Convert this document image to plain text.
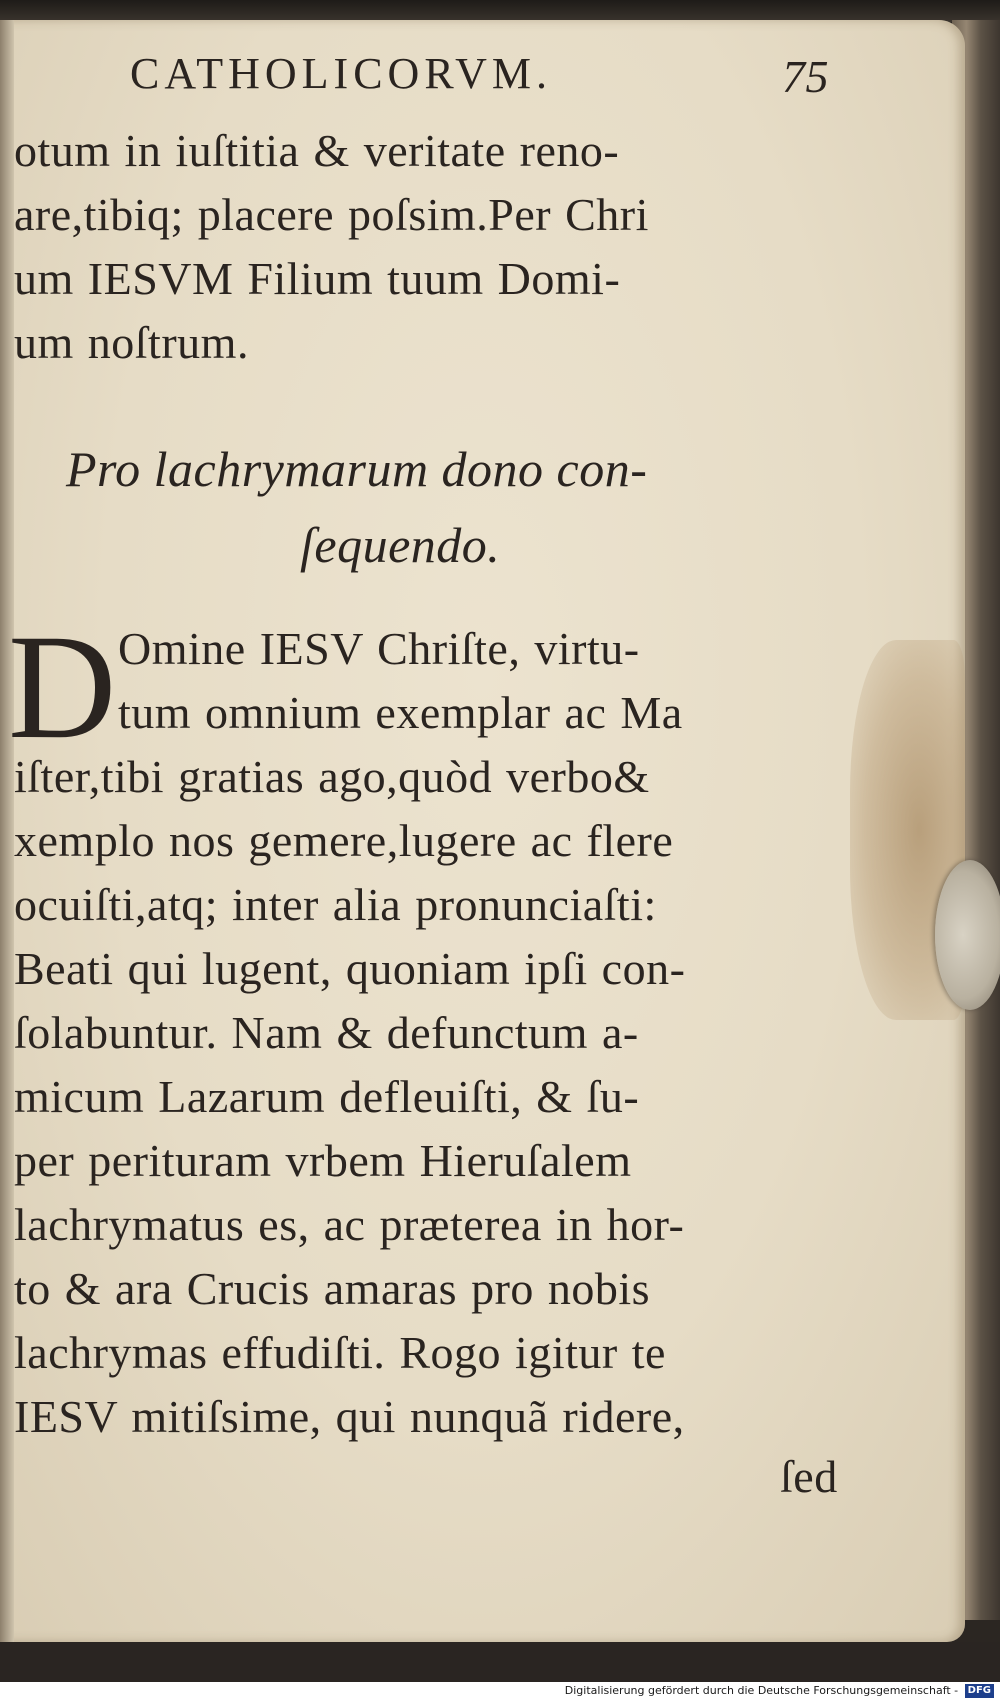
CATHOLICORVM.	75
otum in iuſtitia & veritate reno-
are,tibiq; placere poſsim.Per Chri
um IESVM Filium tuum Domi-
um noſtrum.
Pro lachrymarum dono con-
ſequendo.
D Omine IESV Chriſte, virtu-
tum omnium exemplar ac Ma
iſter,tibi gratias ago,quòd verbo&
xemplo nos gemere,lugere ac flere
ocuiſti,atq; inter alia pronunciaſti:
Beati qui lugent, quoniam ipſi con-
ſolabuntur. Nam & defunctum a-
micum Lazarum defleuiſti, & ſu-
per perituram vrbem Hieruſalem
lachrymatus es, ac præterea in hor-
to & ara Crucis amaras pro nobis
lachrymas effudiſti. Rogo igitur te
IESV mitiſsime, qui nunquã ridere,
ſed
Digitalisierung gefördert durch die Deutsche Forschungsgemeinschaft - DFG
